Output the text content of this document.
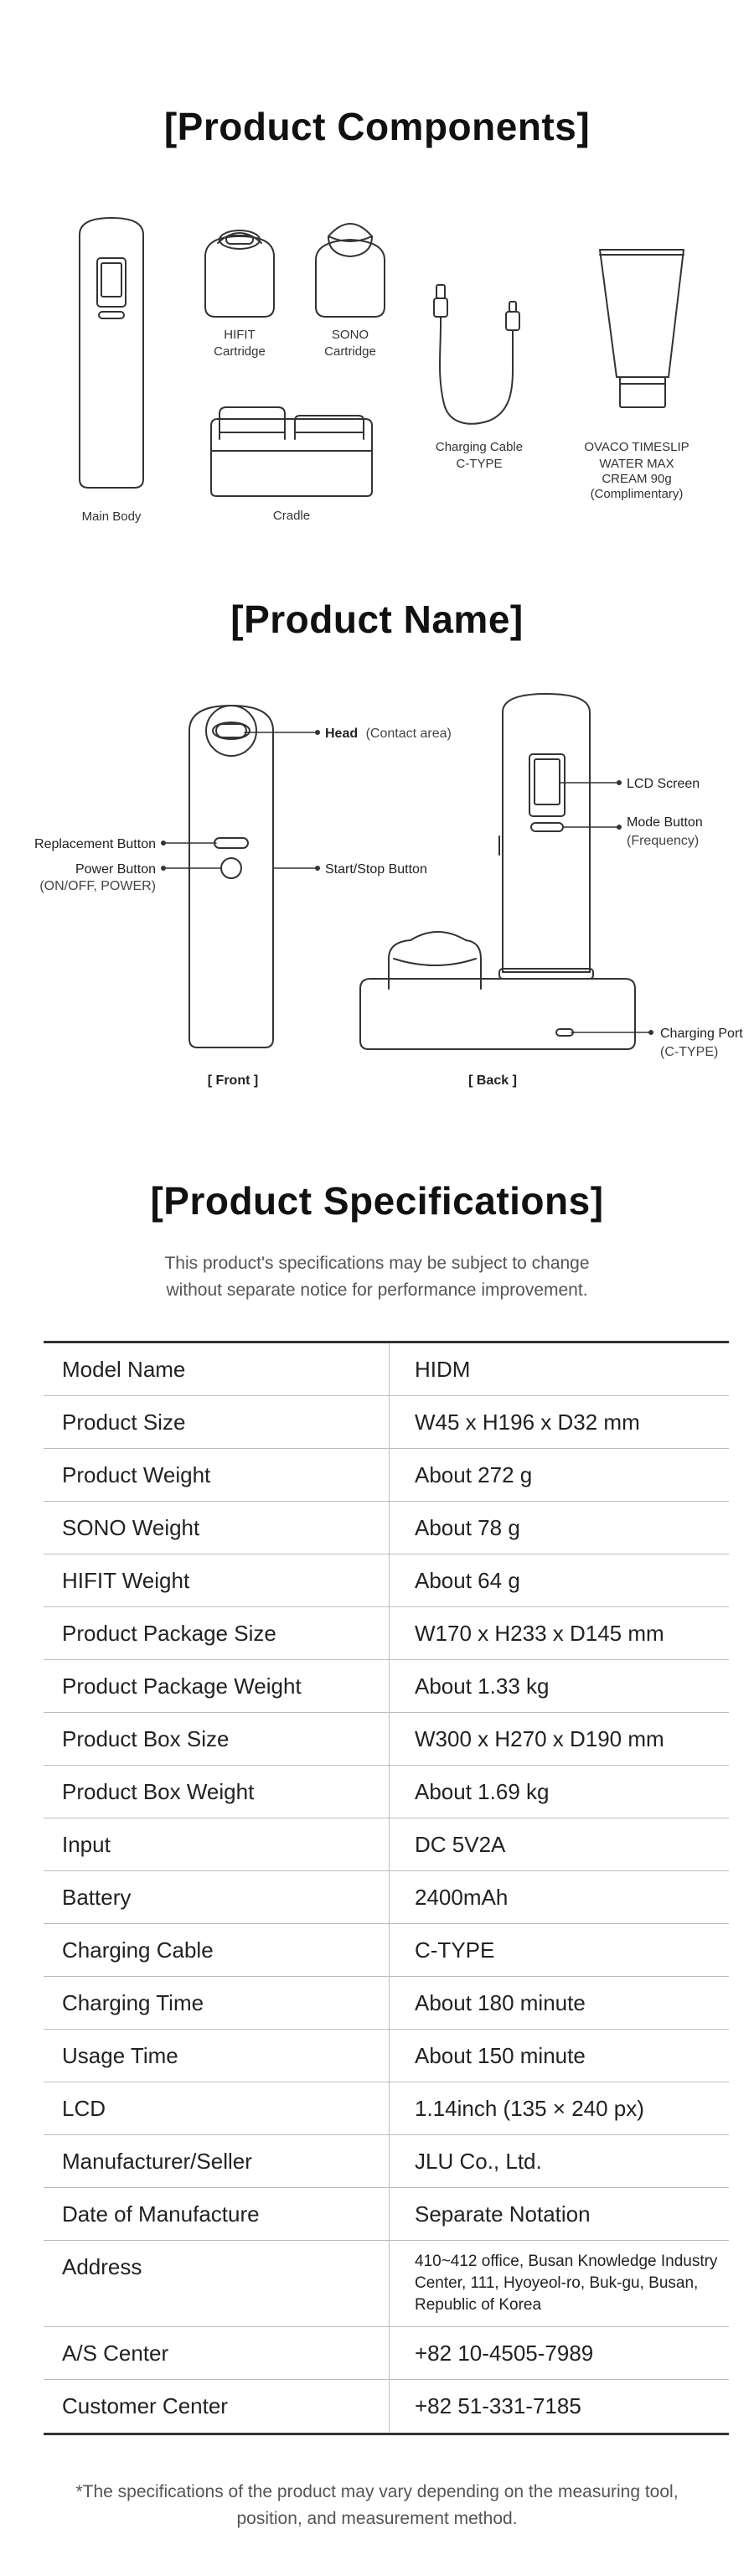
[Product Components]
Main Body
HIFIT
Cartridge
SONO
Cartridge
Cradle
Charging Cable
C-TYPE
OVACO TIMESLIP
WATER MAX
CREAM 90g
(Complimentary)
[Product Name]
Head (Contact area)
Replacement Button
Power Button
(ON/OFF, POWER)
Start/Stop Button
[ Front ]	[ Back ]
LCD Screen
Mode Button
(Frequency)
Charging Port
(C-TYPE)
[Product Specifications]
This product's specifications may be subject to change
without separate notice for performance improvement.
Model Name	HIDM
Product Size	W45 x H196 x D32 mm
Product Weight	About 272 g
SONO Weight	About 78 g
HIFIT Weight	About 64 g
Product Package Size	W170 x H233 x D145 mm
Product Package Weight	About 1.33 kg
Product Box Size	W300 x H270 x D190 mm
Product Box Weight	About 1.69 kg
Input	DC 5V2A
Battery	2400mAh
Charging Cable	C-TYPE
Charging Time	About 180 minute
Usage Time	About 150 minute
LCD	1.14inch (135 × 240 px)
Manufacturer/Seller	JLU Co., Ltd.
Date of Manufacture	Separate Notation
Address	410~412 office, Busan Knowledge Industry Center, 111, Hyoyeol-ro, Buk-gu, Busan, Republic of Korea
A/S Center	+82 10-4505-7989
Customer Center	+82 51-331-7185
*The specifications of the product may vary depending on the measuring tool,
position, and measurement method.
